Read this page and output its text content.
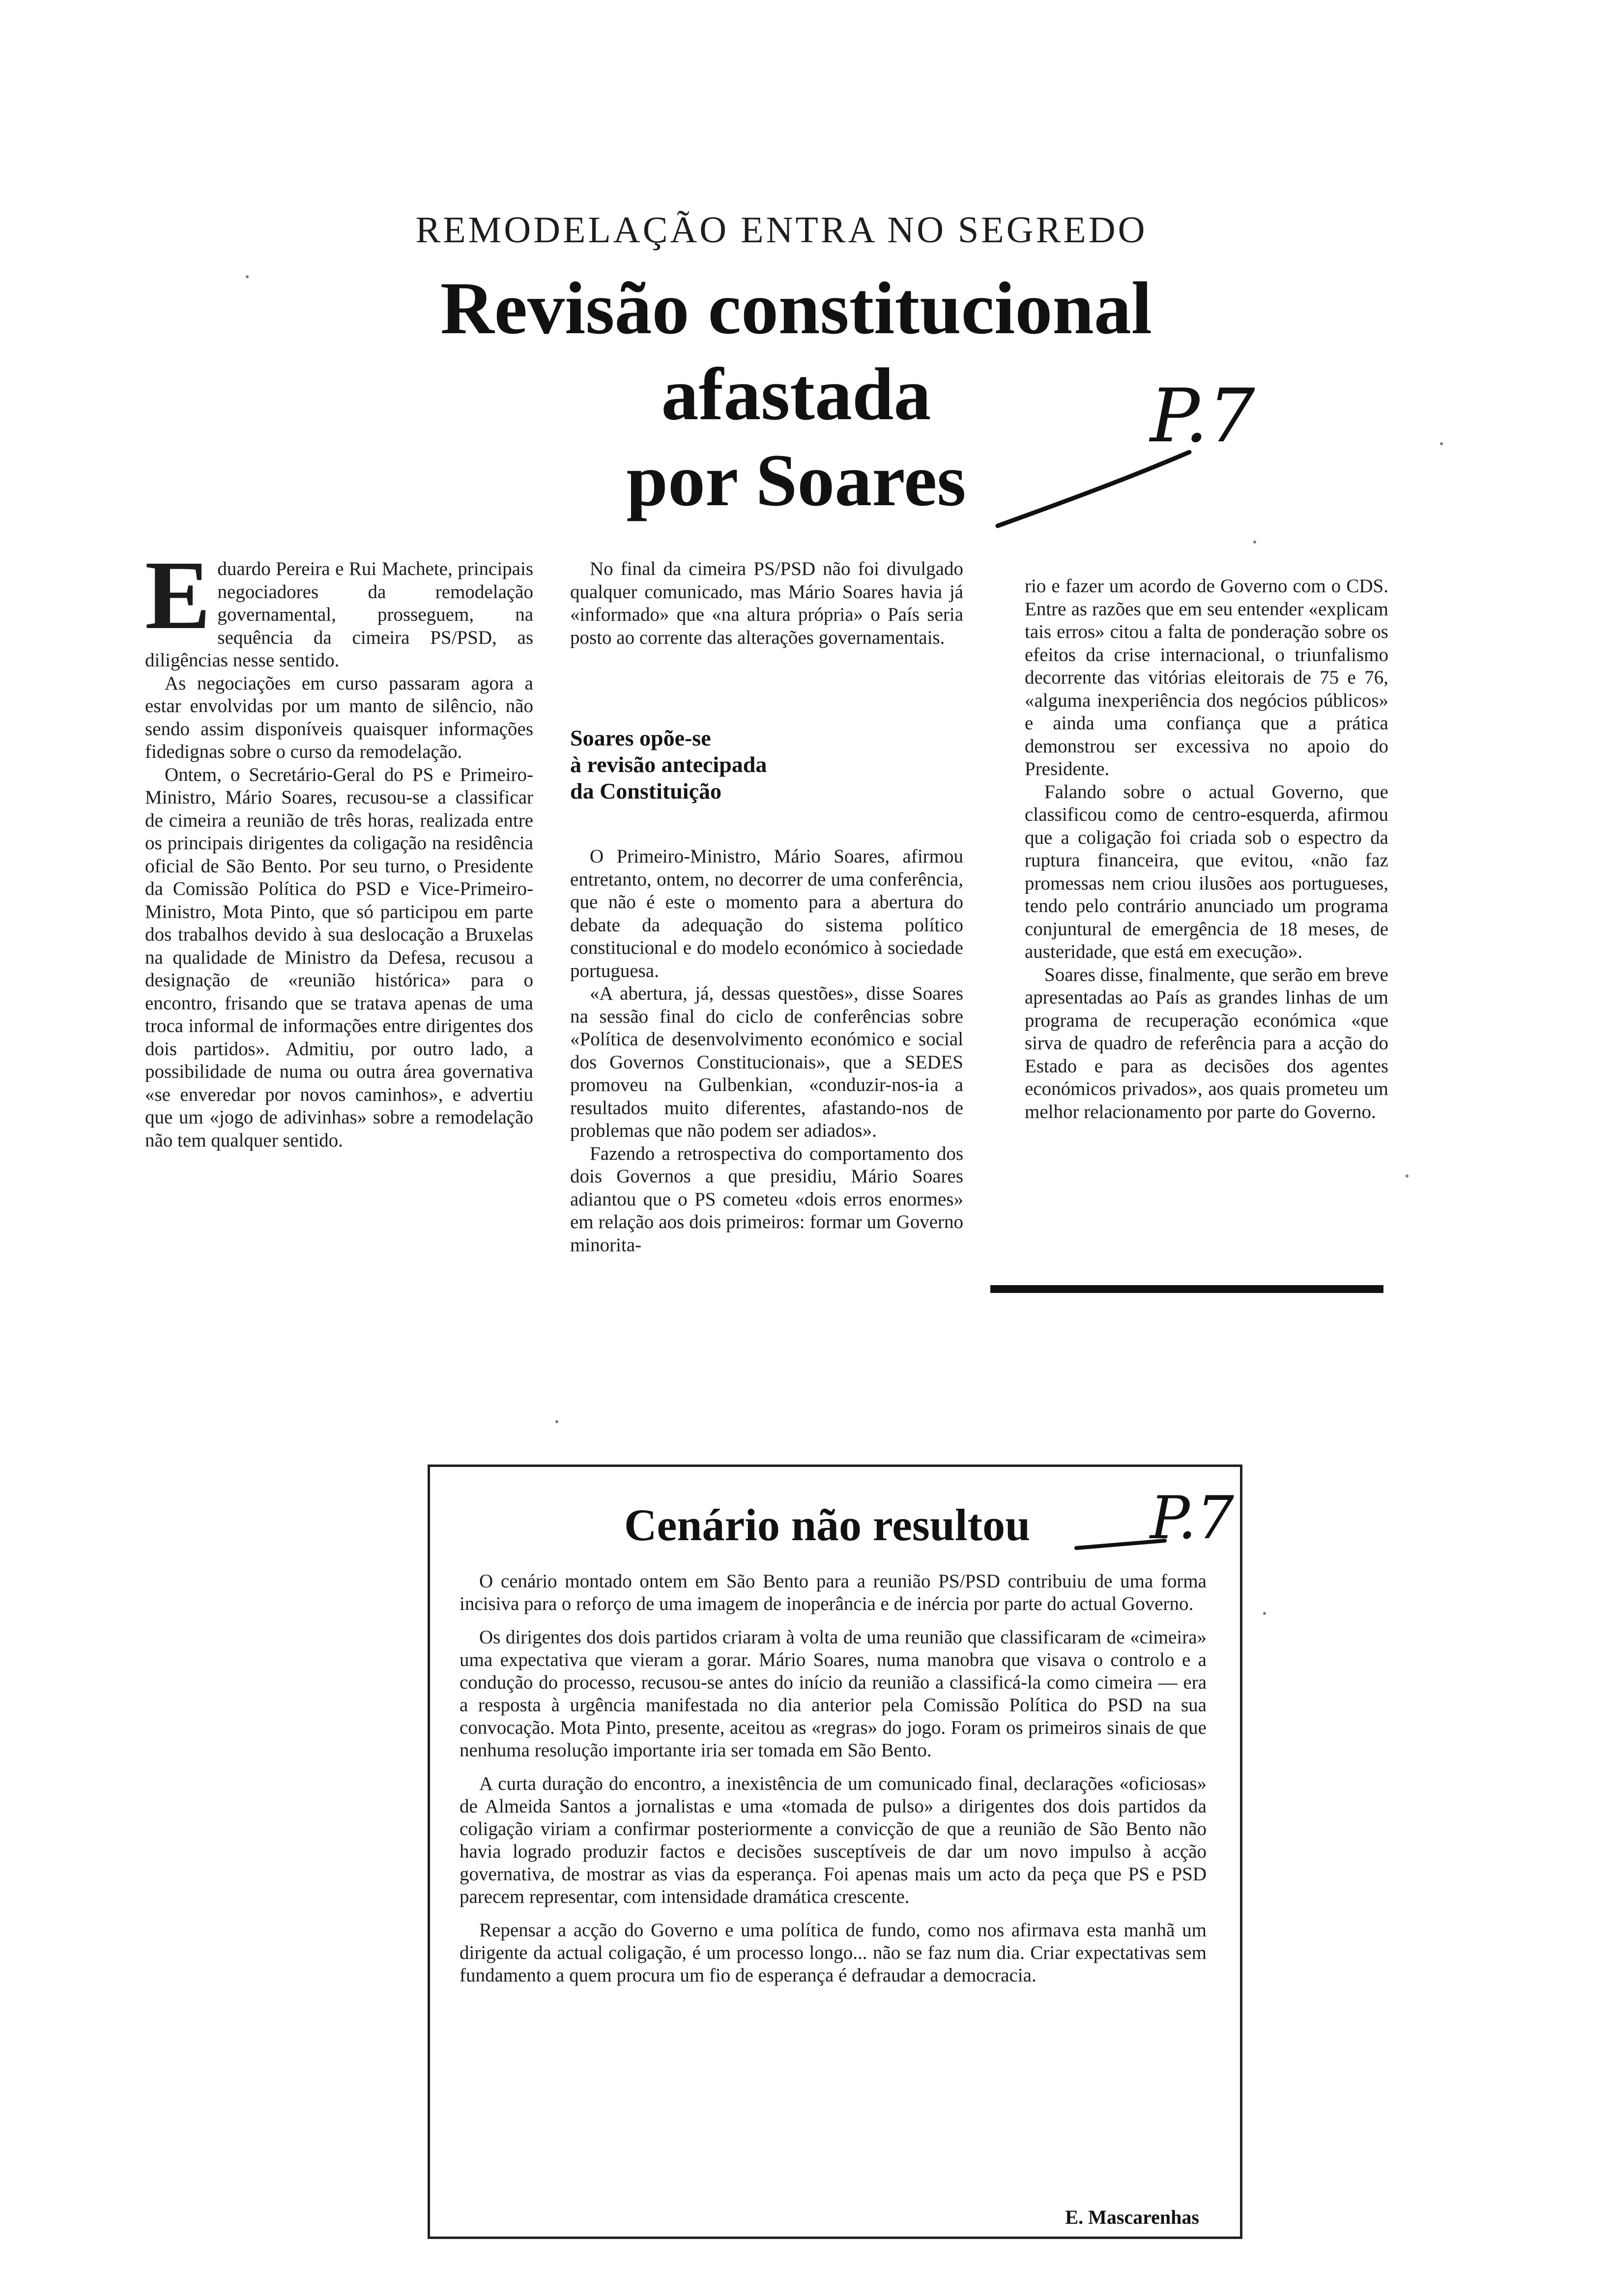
REMODELAÇÃO ENTRA NO SEGREDO
Revisão constitucional
afastada
por Soares
P.7

Eduardo Pereira e Rui Machete, principais negociadores da remodelação governamental, prosseguem, na sequência da cimeira PS/PSD, as diligências nesse sentido.

As negociações em curso passaram agora a estar envolvidas por um manto de silêncio, não sendo assim disponíveis quaisquer informações fidedignas sobre o curso da remodelação.

Ontem, o Secretário-Geral do PS e Primeiro-Ministro, Mário Soares, recusou-se a classificar de cimeira a reunião de três horas, realizada entre os principais dirigentes da coligação na residência oficial de São Bento. Por seu turno, o Presidente da Comissão Política do PSD e Vice-Primeiro-Ministro, Mota Pinto, que só participou em parte dos trabalhos devido à sua deslocação a Bruxelas na qualidade de Ministro da Defesa, recusou a designação de «reunião histórica» para o encontro, frisando que se tratava apenas de uma troca informal de informações entre dirigentes dos dois partidos». Admitiu, por outro lado, a possibilidade de numa ou outra área governativa «se enveredar por novos caminhos», e advertiu que um «jogo de adivinhas» sobre a remodelação não tem qualquer sentido.

No final da cimeira PS/PSD não foi divulgado qualquer comunicado, mas Mário Soares havia já «informado» que «na altura própria» o País seria posto ao corrente das alterações governamentais.

Soares opõe-se
à revisão antecipada
da Constituição

O Primeiro-Ministro, Mário Soares, afirmou entretanto, ontem, no decorrer de uma conferência, que não é este o momento para a abertura do debate da adequação do sistema político constitucional e do modelo económico à sociedade portuguesa.

«A abertura, já, dessas questões», disse Soares na sessão final do ciclo de conferências sobre «Política de desenvolvimento económico e social dos Governos Constitucionais», que a SEDES promoveu na Gulbenkian, «conduzir-nos-ia a resultados muito diferentes, afastando-nos de problemas que não podem ser adiados».

Fazendo a retrospectiva do comportamento dos dois Governos a que presidiu, Mário Soares adiantou que o PS cometeu «dois erros enormes» em relação aos dois primeiros: formar um Governo minorita-

rio e fazer um acordo de Governo com o CDS. Entre as razões que em seu entender «explicam tais erros» citou a falta de ponderação sobre os efeitos da crise internacional, o triunfalismo decorrente das vitórias eleitorais de 75 e 76, «alguma inexperiência dos negócios públicos» e ainda uma confiança que a prática demonstrou ser excessiva no apoio do Presidente.

Falando sobre o actual Governo, que classificou como de centro-esquerda, afirmou que a coligação foi criada sob o espectro da ruptura financeira, que evitou, «não faz promessas nem criou ilusões aos portugueses, tendo pelo contrário anunciado um programa conjuntural de emergência de 18 meses, de austeridade, que está em execução».

Soares disse, finalmente, que serão em breve apresentadas ao País as grandes linhas de um programa de recuperação económica «que sirva de quadro de referência para a acção do Estado e para as decisões dos agentes económicos privados», aos quais prometeu um melhor relacionamento por parte do Governo.

Cenário não resultou	P.7

O cenário montado ontem em São Bento para a reunião PS/PSD contribuiu de uma forma incisiva para o reforço de uma imagem de inoperância e de inércia por parte do actual Governo.

Os dirigentes dos dois partidos criaram à volta de uma reunião que classificaram de «cimeira» uma expectativa que vieram a gorar. Mário Soares, numa manobra que visava o controlo e a condução do processo, recusou-se antes do início da reunião a classificá-la como cimeira — era a resposta à urgência manifestada no dia anterior pela Comissão Política do PSD na sua convocação. Mota Pinto, presente, aceitou as «regras» do jogo. Foram os primeiros sinais de que nenhuma resolução importante iria ser tomada em São Bento.

A curta duração do encontro, a inexistência de um comunicado final, declarações «oficiosas» de Almeida Santos a jornalistas e uma «tomada de pulso» a dirigentes dos dois partidos da coligação viriam a confirmar posteriormente a convicção de que a reunião de São Bento não havia logrado produzir factos e decisões susceptíveis de dar um novo impulso à acção governativa, de mostrar as vias da esperança. Foi apenas mais um acto da peça que PS e PSD parecem representar, com intensidade dramática crescente.

Repensar a acção do Governo e uma política de fundo, como nos afirmava esta manhã um dirigente da actual coligação, é um processo longo... não se faz num dia. Criar expectativas sem fundamento a quem procura um fio de esperança é defraudar a democracia.

E. Mascarenhas
